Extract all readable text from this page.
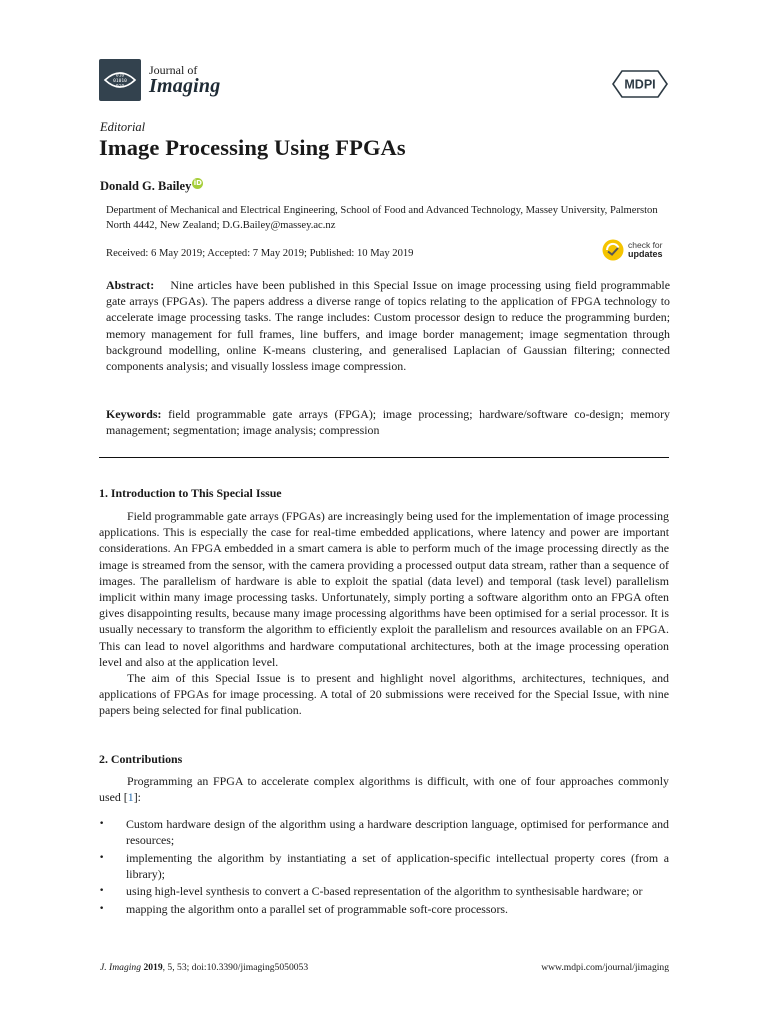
010
01010
010
Journal of
Imaging	MDPI
Editorial
Image Processing Using FPGAs
Donald G. Bailey iD
Department of Mechanical and Electrical Engineering, School of Food and Advanced Technology, Massey University, Palmerston North 4442, New Zealand; D.G.Bailey@massey.ac.nz
Received: 6 May 2019; Accepted: 7 May 2019; Published: 10 May 2019
check for
updates
Abstract: Nine articles have been published in this Special Issue on image processing using field programmable gate arrays (FPGAs). The papers address a diverse range of topics relating to the application of FPGA technology to accelerate image processing tasks. The range includes: Custom processor design to reduce the programming burden; memory management for full frames, line buffers, and image border management; image segmentation through background modelling, online K-means clustering, and generalised Laplacian of Gaussian filtering; connected components analysis; and visually lossless image compression.
Keywords: field programmable gate arrays (FPGA); image processing; hardware/software co-design; memory management; segmentation; image analysis; compression
1. Introduction to This Special Issue

Field programmable gate arrays (FPGAs) are increasingly being used for the implementation of image processing applications. This is especially the case for real-time embedded applications, where latency and power are important considerations. An FPGA embedded in a smart camera is able to perform much of the image processing directly as the image is streamed from the sensor, with the camera providing a processed output data stream, rather than a sequence of images. The parallelism of hardware is able to exploit the spatial (data level) and temporal (task level) parallelism implicit within many image processing tasks. Unfortunately, simply porting a software algorithm onto an FPGA often gives disappointing results, because many image processing algorithms have been optimised for a serial processor. It is usually necessary to transform the algorithm to efficiently exploit the parallelism and resources available on an FPGA. This can lead to novel algorithms and hardware computational architectures, both at the image processing operation level and also at the application level.

The aim of this Special Issue is to present and highlight novel algorithms, architectures, techniques, and applications of FPGAs for image processing. A total of 20 submissions were received for the Special Issue, with nine papers being selected for final publication.

2. Contributions

Programming an FPGA to accelerate complex algorithms is difficult, with one of four approaches commonly used [1]:

•	Custom hardware design of the algorithm using a hardware description language, optimised for performance and resources;
•	implementing the algorithm by instantiating a set of application-specific intellectual property cores (from a library);
•	using high-level synthesis to convert a C-based representation of the algorithm to synthesisable hardware; or
•	mapping the algorithm onto a parallel set of programmable soft-core processors.
J. Imaging 2019, 5, 53; doi:10.3390/jimaging5050053	www.mdpi.com/journal/jimaging
